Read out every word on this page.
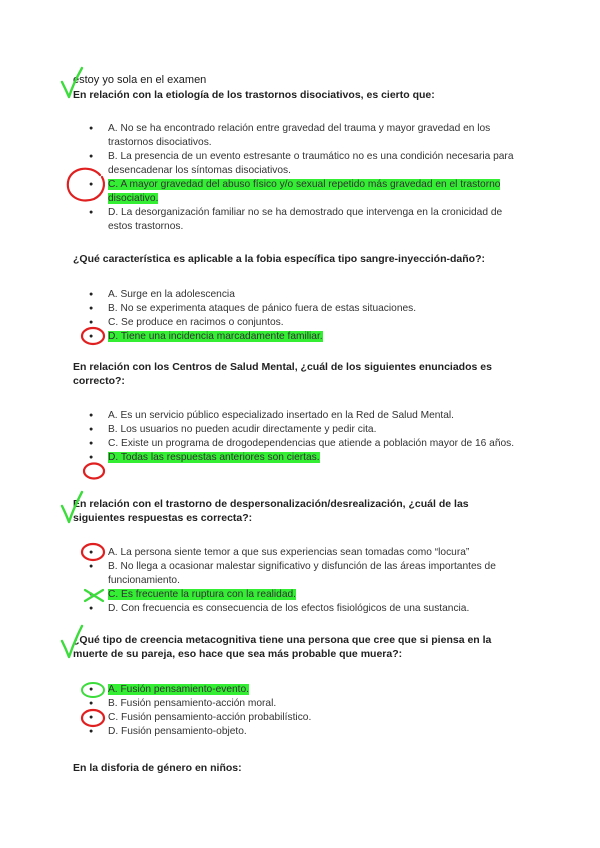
estoy yo sola en el examen
En relación con la etiología de los trastornos disociativos, es cierto que:
● A. No se ha encontrado relación entre gravedad del trauma y mayor gravedad en los trastornos disociativos.
● B. La presencia de un evento estresante o traumático no es una condición necesaria para desencadenar los síntomas disociativos.
● C. A mayor gravedad del abuso físico y/o sexual repetido más gravedad en el trastorno disociativo.
● D. La desorganización familiar no se ha demostrado que intervenga en la cronicidad de estos trastornos.
¿Qué característica es aplicable a la fobia específica tipo sangre-inyección-daño?:
● A. Surge en la adolescencia
● B. No se experimenta ataques de pánico fuera de estas situaciones.
● C. Se produce en racimos o conjuntos.
● D. Tiene una incidencia marcadamente familiar.
En relación con los Centros de Salud Mental, ¿cuál de los siguientes enunciados es correcto?:
● A. Es un servicio público especializado insertado en la Red de Salud Mental.
● B. Los usuarios no pueden acudir directamente y pedir cita.
● C. Existe un programa de drogodependencias que atiende a población mayor de 16 años.
● D. Todas las respuestas anteriores son ciertas.
En relación con el trastorno de despersonalización/desrealización, ¿cuál de las siguientes respuestas es correcta?:
● A. La persona siente temor a que sus experiencias sean tomadas como “locura”
● B. No llega a ocasionar malestar significativo y disfunción de las áreas importantes de funcionamiento.
● C. Es frecuente la ruptura con la realidad.
● D. Con frecuencia es consecuencia de los efectos fisiológicos de una sustancia.
¿Qué tipo de creencia metacognitiva tiene una persona que cree que si piensa en la muerte de su pareja, eso hace que sea más probable que muera?:
● A. Fusión pensamiento-evento.
● B. Fusión pensamiento-acción moral.
● C. Fusión pensamiento-acción probabilístico.
● D. Fusión pensamiento-objeto.
En la disforia de género en niños:
